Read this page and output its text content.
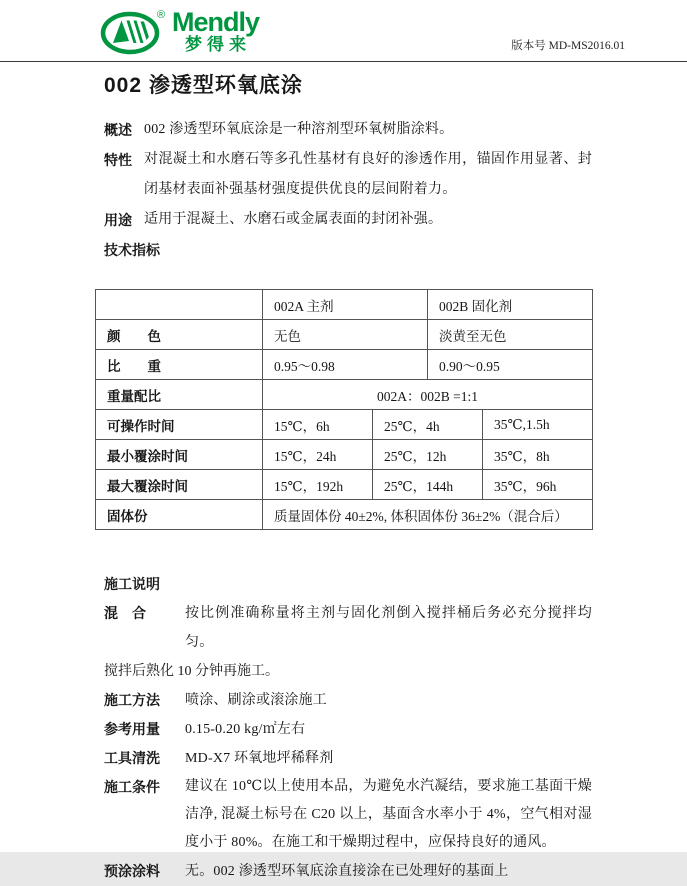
® Mendly
梦得来	版本号 MD-MS2016.01
002 渗透型环氧底涂
概述 002 渗透型环氧底涂是一种溶剂型环氧树脂涂料。
特性 对混凝土和水磨石等多孔性基材有良好的渗透作用，锚固作用显著、封闭基材表面补强基材强度提供优良的层间附着力。
用途 适用于混凝土、水磨石或金属表面的封闭补强。
技术指标
	002A 主剂		002B 固化剂	
颜　　色	无色		淡黄至无色	
比　　重	0.95～0.98		0.90～0.95	
重量配比	002A：002B =1:1			
可操作时间	15℃，6h	25℃，4h		35℃,1.5h
最小覆涂时间	15℃，24h	25℃，12h		35℃，8h
最大覆涂时间	15℃，192h	25℃，144h		35℃，96h
固体份	质量固体份 40±2%, 体积固体份 36±2%（混合后）			
施工说明
混　合	按比例准确称量将主剂与固化剂倒入搅拌桶后务必充分搅拌均匀。
搅拌后熟化 10 分钟再施工。
施工方法	喷涂、刷涂或滚涂施工
参考用量	0.15-0.20 kg/㎡左右
工具清洗	MD-X7 环氧地坪稀释剂
施工条件	建议在 10℃以上使用本品，为避免水汽凝结，要求施工基面干燥洁净, 混凝土标号在 C20 以上，基面含水率小于 4%，空气相对湿度小于 80%。在施工和干燥期过程中，应保持良好的通风。
预涂涂料	无。002 渗透型环氧底涂直接涂在已处理好的基面上
